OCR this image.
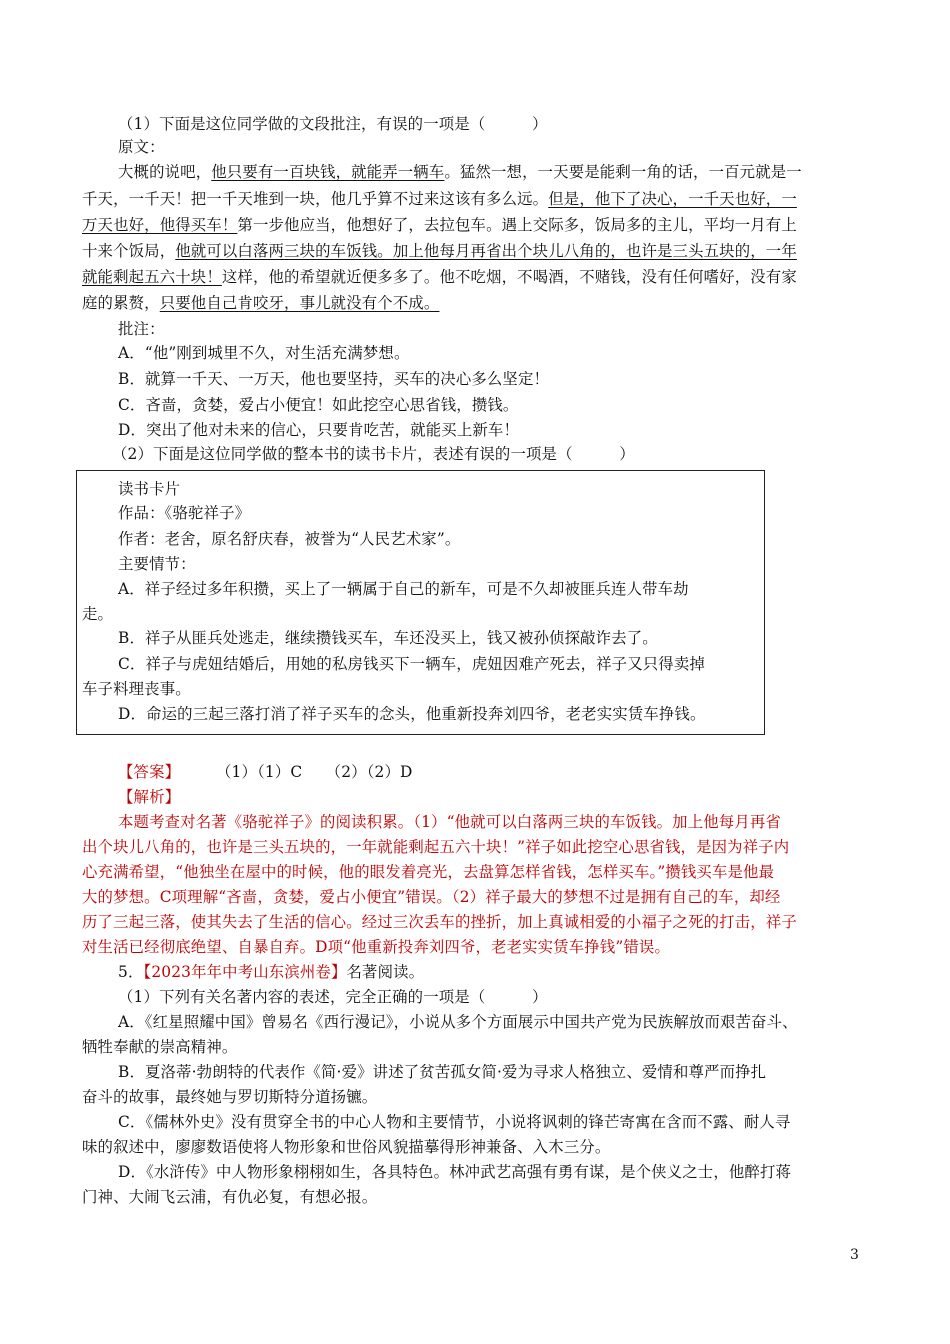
（1）下面是这位同学做的文段批注，有误的一项是（　　　）
原文：
大概的说吧，他只要有一百块钱，就能弄一辆车。猛然一想，一天要是能剩一角的话，一百元就是一
千天，一千天！把一千天堆到一块，他几乎算不过来这该有多么远。但是，他下了决心，一千天也好，一
万天也好，他得买车！第一步他应当，他想好了，去拉包车。遇上交际多，饭局多的主儿，平均一月有上
十来个饭局，他就可以白落两三块的车饭钱。加上他每月再省出个块儿八角的，也许是三头五块的，一年
就能剩起五六十块！这样，他的希望就近便多多了。他不吃烟，不喝酒，不赌钱，没有任何嗜好，没有家
庭的累赘，只要他自己肯咬牙，事儿就没有个不成。
批注：
A．“他”刚到城里不久，对生活充满梦想。
B．就算一千天、一万天，他也要坚持，买车的决心多么坚定！
C．吝啬，贪婪，爱占小便宜！如此挖空心思省钱，攒钱。
D．突出了他对未来的信心，只要肯吃苦，就能买上新车！
（2）下面是这位同学做的整本书的读书卡片，表述有误的一项是（　　　）
读书卡片
作品：《骆驼祥子》
作者：老舍，原名舒庆春，被誉为“人民艺术家”。
主要情节：
A．祥子经过多年积攒，买上了一辆属于自己的新车，可是不久却被匪兵连人带车劫
走。
B．祥子从匪兵处逃走，继续攒钱买车，车还没买上，钱又被孙侦探敲诈去了。
C．祥子与虎妞结婚后，用她的私房钱买下一辆车，虎妞因难产死去，祥子又只得卖掉
车子料理丧事。
D．命运的三起三落打消了祥子买车的念头，他重新投奔刘四爷，老老实实赁车挣钱。
【答案】 （1）（1）C　　（2）（2）D
【解析】
本题考查对名著《骆驼祥子》的阅读积累。（1）“他就可以白落两三块的车饭钱。加上他每月再省
出个块儿八角的，也许是三头五块的，一年就能剩起五六十块！”祥子如此挖空心思省钱，是因为祥子内
心充满希望，“他独坐在屋中的时候，他的眼发着亮光，去盘算怎样省钱，怎样买车。”攒钱买车是他最
大的梦想。C项理解“吝啬，贪婪，爱占小便宜”错误。（2）祥子最大的梦想不过是拥有自己的车，却经
历了三起三落，使其失去了生活的信心。经过三次丢车的挫折，加上真诚相爱的小福子之死的打击，祥子
对生活已经彻底绝望、自暴自弃。D项“他重新投奔刘四爷，老老实实赁车挣钱”错误。
5．【2023年年中考山东滨州卷】名著阅读。
（1）下列有关名著内容的表述，完全正确的一项是（　　　）
A．《红星照耀中国》曾易名《西行漫记》，小说从多个方面展示中国共产党为民族解放而艰苦奋斗、
牺牲奉献的崇高精神。
B．夏洛蒂·勃朗特的代表作《简·爱》讲述了贫苦孤女简·爱为寻求人格独立、爱情和尊严而挣扎
奋斗的故事，最终她与罗切斯特分道扬镳。
C．《儒林外史》没有贯穿全书的中心人物和主要情节，小说将讽刺的锋芒寄寓在含而不露、耐人寻
味的叙述中，廖廖数语使将人物形象和世俗风貌描摹得形神兼备、入木三分。
D．《水浒传》中人物形象栩栩如生，各具特色。林冲武艺高强有勇有谋，是个侠义之士，他醉打蒋
门神、大闹飞云浦，有仇必复，有想必报。
3
